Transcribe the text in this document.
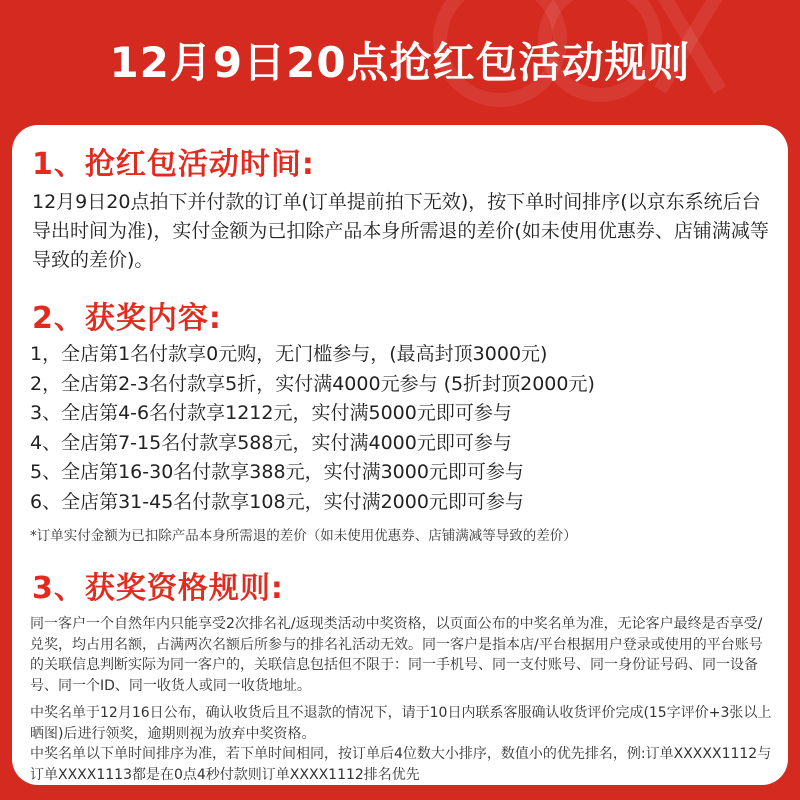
12月9日20点抢红包活动规则
1、抢红包活动时间:

12月9日20点拍下并付款的订单(订单提前拍下无效)，按下单时间排序(以京东系统后台导出时间为准)，实付金额为已扣除产品本身所需退的差价(如未使用优惠券、店铺满减等导致的差价)。

2、获奖内容:
1，全店第1名付款享0元购，无门槛参与，(最高封顶3000元)
2，全店第2-3名付款享5折，实付满4000元参与 (5折封顶2000元)
3、全店第4-6名付款享1212元，实付满5000元即可参与
4、全店第7-15名付款享588元，实付满4000元即可参与
5、全店第16-30名付款享388元，实付满3000元即可参与
6、全店第31-45名付款享108元，实付满2000元即可参与

*订单实付金额为已扣除产品本身所需退的差价（如未使用优惠券、店铺满减等导致的差价）

3、获奖资格规则:

同一客户一个自然年内只能享受2次排名礼/返现类活动中奖资格，以页面公布的中奖名单为准，无论客户最终是否享受/兑奖，均占用名额，占满两次名额后所参与的排名礼活动无效。同一客户是指本店/平台根据用户登录或使用的平台账号的关联信息判断实际为同一客户的，关联信息包括但不限于：同一手机号、同一支付账号、同一身份证号码、同一设备号、同一个ID、同一收货人或同一收货地址。

中奖名单于12月16日公布，确认收货后且不退款的情况下，请于10日内联系客服确认收货评价完成(15字评价+3张以上晒图)后进行领奖，逾期则视为放弃中奖资格。

中奖名单以下单时间排序为准，若下单时间相同，按订单后4位数大小排序，数值小的优先排名，例:订单XXXXX1112与订单XXXX1113都是在0点4秒付款则订单XXXX1112排名优先
